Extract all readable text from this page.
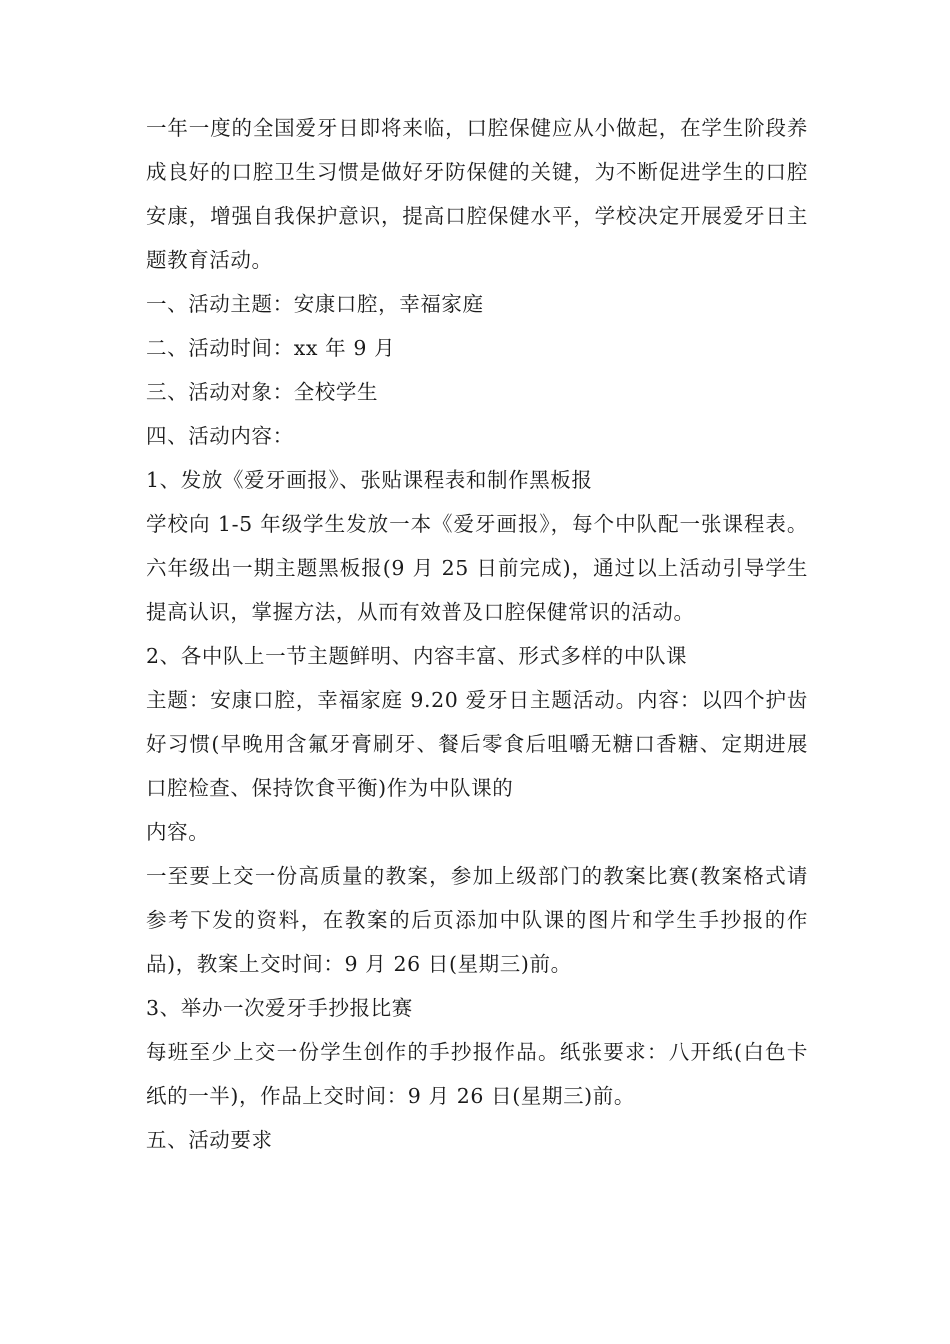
一年一度的全国爱牙日即将来临，口腔保健应从小做起，在学生阶段养成良好的口腔卫生习惯是做好牙防保健的关键，为不断促进学生的口腔安康，增强自我保护意识，提高口腔保健水平，学校决定开展爱牙日主题教育活动。

一、活动主题：安康口腔，幸福家庭

二、活动时间：xx 年 9 月

三、活动对象：全校学生

四、活动内容：

1、发放《爱牙画报》、张贴课程表和制作黑板报

学校向 1-5 年级学生发放一本《爱牙画报》，每个中队配一张课程表。六年级出一期主题黑板报(9 月 25 日前完成)，通过以上活动引导学生提高认识，掌握方法，从而有效普及口腔保健常识的活动。

2、各中队上一节主题鲜明、内容丰富、形式多样的中队课

主题：安康口腔，幸福家庭 9.20 爱牙日主题活动。内容：以四个护齿好习惯(早晚用含氟牙膏刷牙、餐后零食后咀嚼无糖口香糖、定期进展口腔检查、保持饮食平衡)作为中队课的

内容。

一至要上交一份高质量的教案，参加上级部门的教案比赛(教案格式请参考下发的资料，在教案的后页添加中队课的图片和学生手抄报的作品)，教案上交时间：9 月 26 日(星期三)前。

3、举办一次爱牙手抄报比赛

每班至少上交一份学生创作的手抄报作品。纸张要求：八开纸(白色卡纸的一半)，作品上交时间：9 月 26 日(星期三)前。

五、活动要求
